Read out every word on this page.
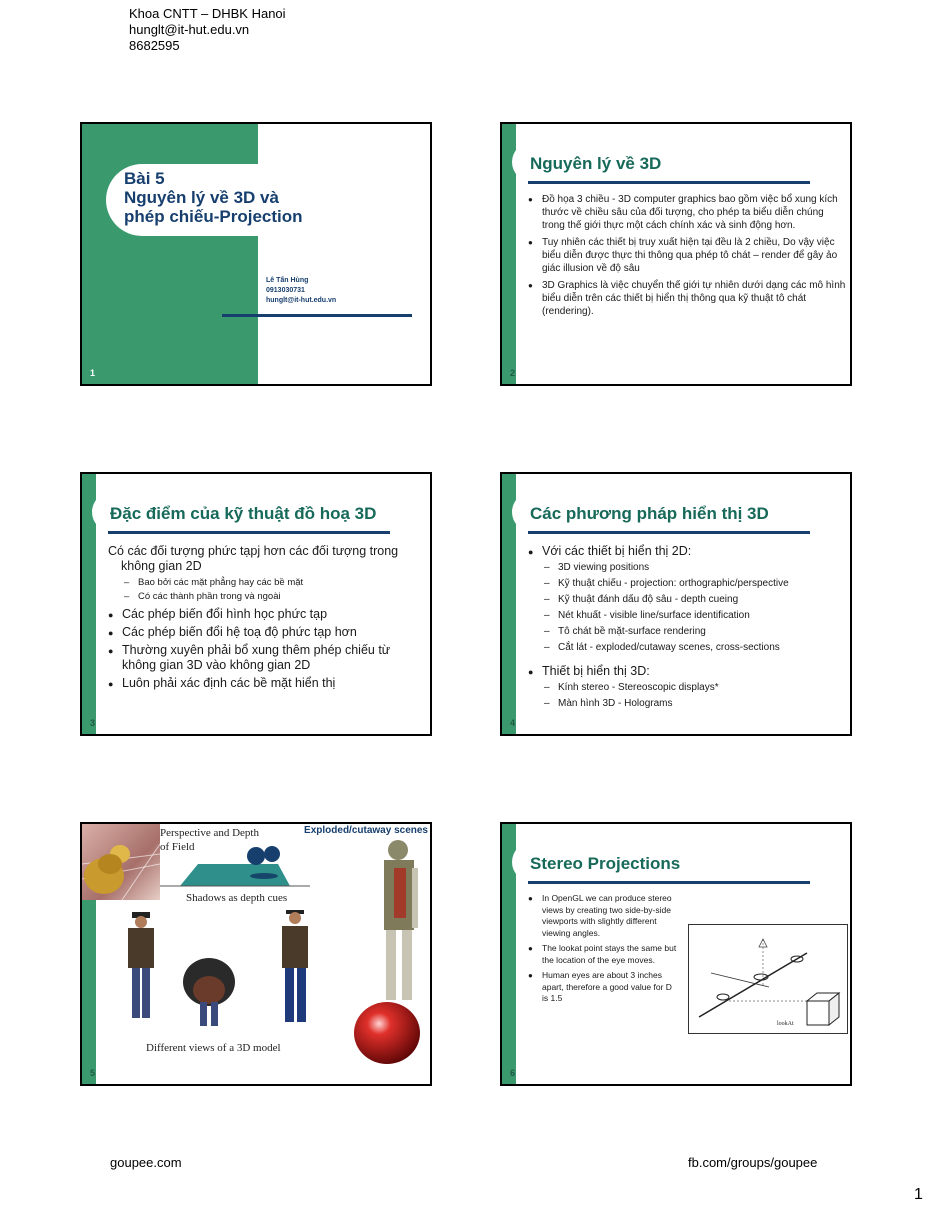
Khoa CNTT – DHBK Hanoi
hunglt@it-hut.edu.vn
8682595
Bài 5
Nguyên lý về 3D và
phép chiếu-Projection
Lê Tấn Hùng
0913030731
hunglt@it-hut.edu.vn
1
Nguyên lý về 3D
● Đồ họa 3 chiều - 3D computer graphics bao gồm việc bổ xung kích thước về chiều sâu của đối tượng, cho phép ta biểu diễn chúng trong thế giới thực một cách chính xác và sinh động hơn.
● Tuy nhiên các thiết bị truy xuất hiện tại đều là 2 chiều, Do vậy việc biểu diễn được thực thi thông qua phép tô chát – render để gây ảo giác illusion về độ sâu
● 3D Graphics là việc chuyển thế giới tự nhiên dưới dạng các mô hình biểu diễn trên các thiết bị hiển thị thông qua kỹ thuật tô chát (rendering).
2
Đặc điểm của kỹ thuật đồ hoạ 3D
Có các đối tượng phức tạpj hơn các đối tượng trong không gian 2D
– Bao bởi các mặt phẳng hay các bề mặt
– Có các thành phần trong và ngoài
● Các phép biến đổi hình học phức tạp
● Các phép biến đổi hệ toạ độ phức tạp hơn
● Thường xuyên phải bổ xung thêm phép chiếu từ không gian 3D vào không gian 2D
● Luôn phải xác định các bề mặt hiển thị
3
Các phương pháp hiển thị 3D
● Với các thiết bị hiển thị 2D:
– 3D viewing positions
– Kỹ thuật chiếu - projection: orthographic/perspective
– Kỹ thuật đánh dấu độ sâu - depth cueing
– Nét khuất - visible line/surface identification
– Tô chát bề mặt-surface rendering
– Cắt lát - exploded/cutaway scenes, cross-sections
● Thiết bị hiển thị 3D:
– Kính stereo - Stereoscopic displays*
– Màn hình 3D - Holograms
4
Perspective and Depth of Field
Exploded/cutaway scenes
Shadows as depth cues
Different views of a 3D model
5
Stereo Projections
● In OpenGL we can produce stereo views by creating two side-by-side viewports with slightly different viewing angles.
● The lookat point stays the same but the location of the eye moves.
● Human eyes are about 3 inches apart, therefore a good value for D is 1.5
lookAt
6
goupee.com	fb.com/groups/goupee
1
